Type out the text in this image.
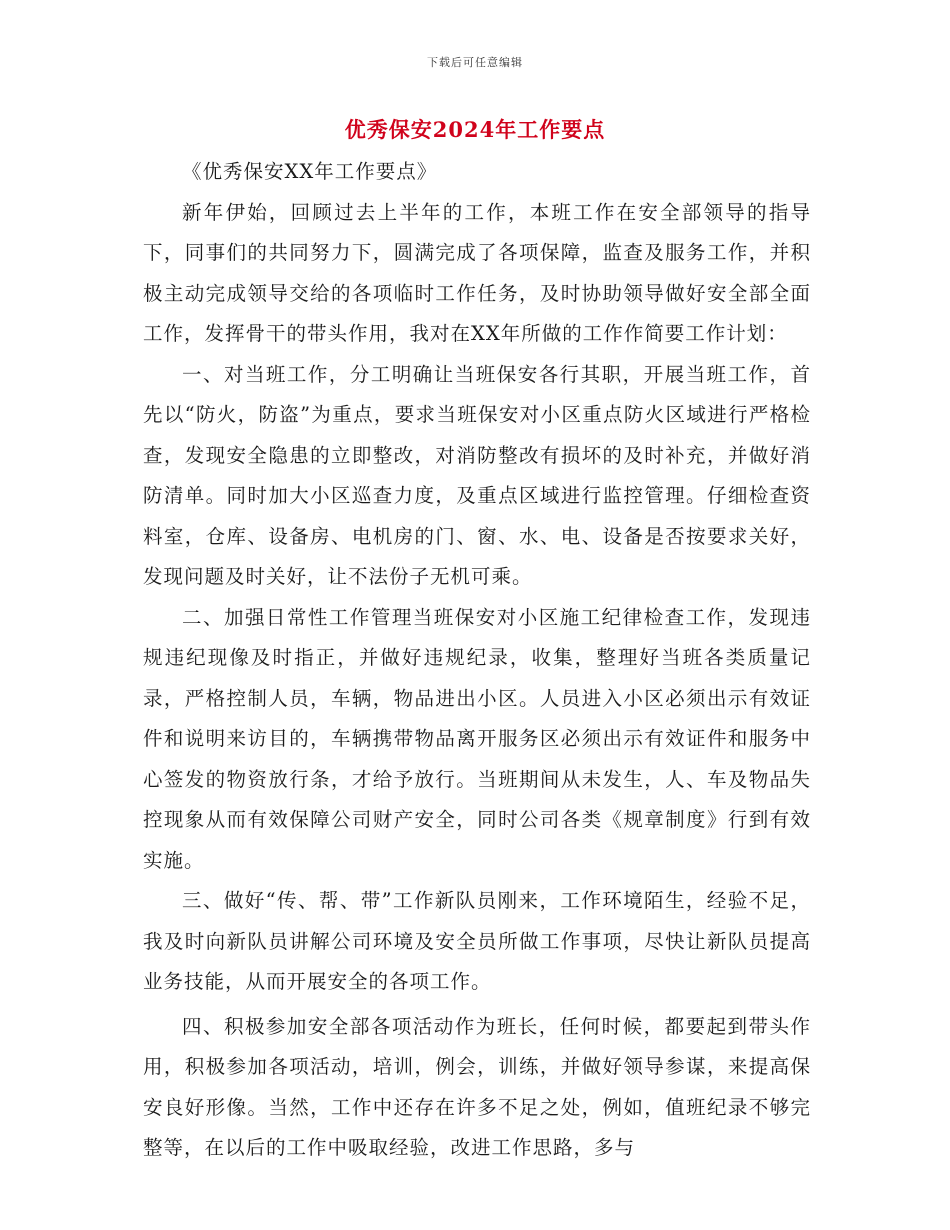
下载后可任意编辑
优秀保安2024年工作要点

《优秀保安XX年工作要点》

新年伊始，回顾过去上半年的工作，本班工作在安全部领导的指导下，同事们的共同努力下，圆满完成了各项保障，监查及服务工作，并积极主动完成领导交给的各项临时工作任务，及时协助领导做好安全部全面工作，发挥骨干的带头作用，我对在XX年所做的工作作简要工作计划：

一、对当班工作，分工明确让当班保安各行其职，开展当班工作，首先以“防火，防盗”为重点，要求当班保安对小区重点防火区域进行严格检查，发现安全隐患的立即整改，对消防整改有损坏的及时补充，并做好消防清单。同时加大小区巡查力度，及重点区域进行监控管理。仔细检查资料室，仓库、设备房、电机房的门、窗、水、电、设备是否按要求关好，发现问题及时关好，让不法份子无机可乘。

二、加强日常性工作管理当班保安对小区施工纪律检查工作，发现违规违纪现像及时指正，并做好违规纪录，收集，整理好当班各类质量记录，严格控制人员，车辆，物品进出小区。人员进入小区必须出示有效证件和说明来访目的，车辆携带物品离开服务区必须出示有效证件和服务中心签发的物资放行条，才给予放行。当班期间从未发生，人、车及物品失控现象从而有效保障公司财产安全，同时公司各类《规章制度》行到有效实施。

三、做好“传、帮、带”工作新队员刚来，工作环境陌生，经验不足，我及时向新队员讲解公司环境及安全员所做工作事项，尽快让新队员提高业务技能，从而开展安全的各项工作。

四、积极参加安全部各项活动作为班长，任何时候，都要起到带头作用，积极参加各项活动，培训，例会，训练，并做好领导参谋，来提高保安良好形像。当然，工作中还存在许多不足之处，例如，值班纪录不够完整等，在以后的工作中吸取经验，改进工作思路，多与
